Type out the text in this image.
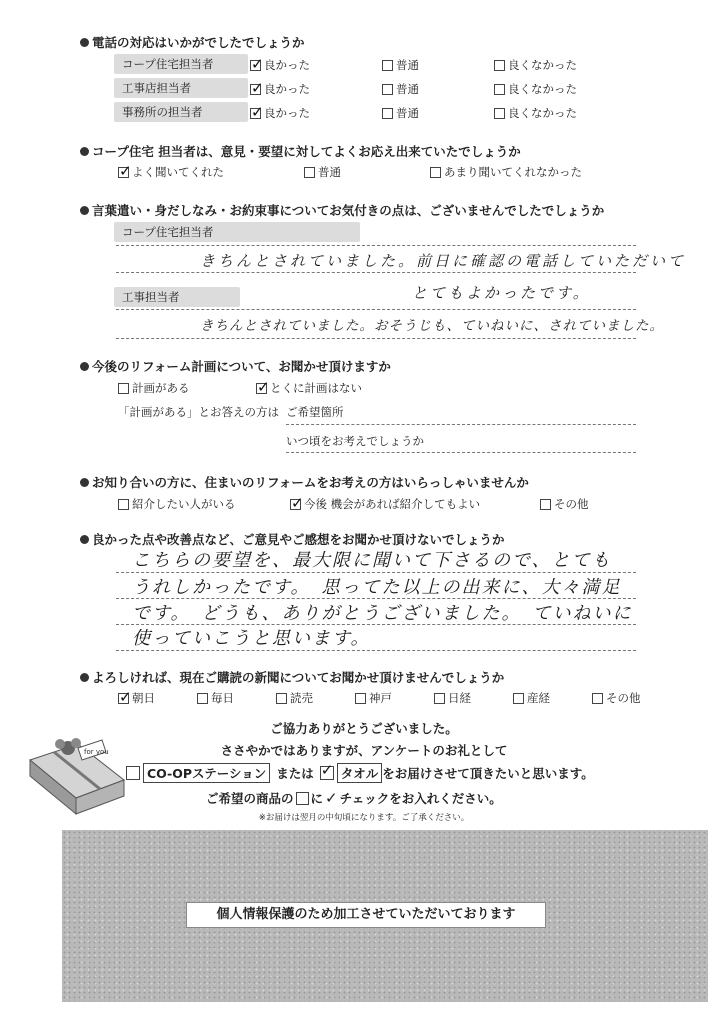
電話の対応はいかがでしたでしょうか
コープ住宅担当者 ✓	良かった	普通	良くなかった
工事店担当者 ✓	良かった	普通	良くなかった
事務所の担当者 ✓	良かった	普通	良くなかった
コープ住宅 担当者は、意見・要望に対してよくお応え出来ていたでしょうか
✓
よく聞いてくれた	普通	あまり聞いてくれなかった
言葉遣い・身だしなみ・お約束事についてお気付きの点は、ございませんでしたでしょうか
コープ住宅担当者
きちんとされていました。前日に確認の電話していただいて
工事担当者	とてもよかったです。
きちんとされていました。おそうじも、ていねいに、されていました。
今後のリフォーム計画について、お聞かせ頂けますか
計画がある ✓	とくに計画はない
「計画がある」とお答えの方は ご希望箇所
いつ頃をお考えでしょうか
お知り合いの方に、住まいのリフォームをお考えの方はいらっしゃいませんか
紹介したい人がいる ✓	今後 機会があれば紹介してもよい	その他
良かった点や改善点など、ご意見やご感想をお聞かせ頂けないでしょうか
こちらの要望を、最大限に聞いて下さるので、とても
うれしかったです。　思ってた以上の出来に、大々満足
です。　どうも、ありがとうございました。　ていねいに
使っていこうと思います。
よろしければ、現在ご購読の新聞についてお聞かせ頂けませんでしょうか
✓
朝日	毎日	読売	神戸	日経	産経	その他
for you
ご協力ありがとうございました。
ささやかではありますが、アンケートのお礼として
CO-OPステーション または ✓	タオル をお届けさせて頂きたいと思います。
ご希望の商品の に ✓ チェックをお入れください。
※お届けは翌月の中旬頃になります。ご了承ください。
個人情報保護のため加工させていただいております
